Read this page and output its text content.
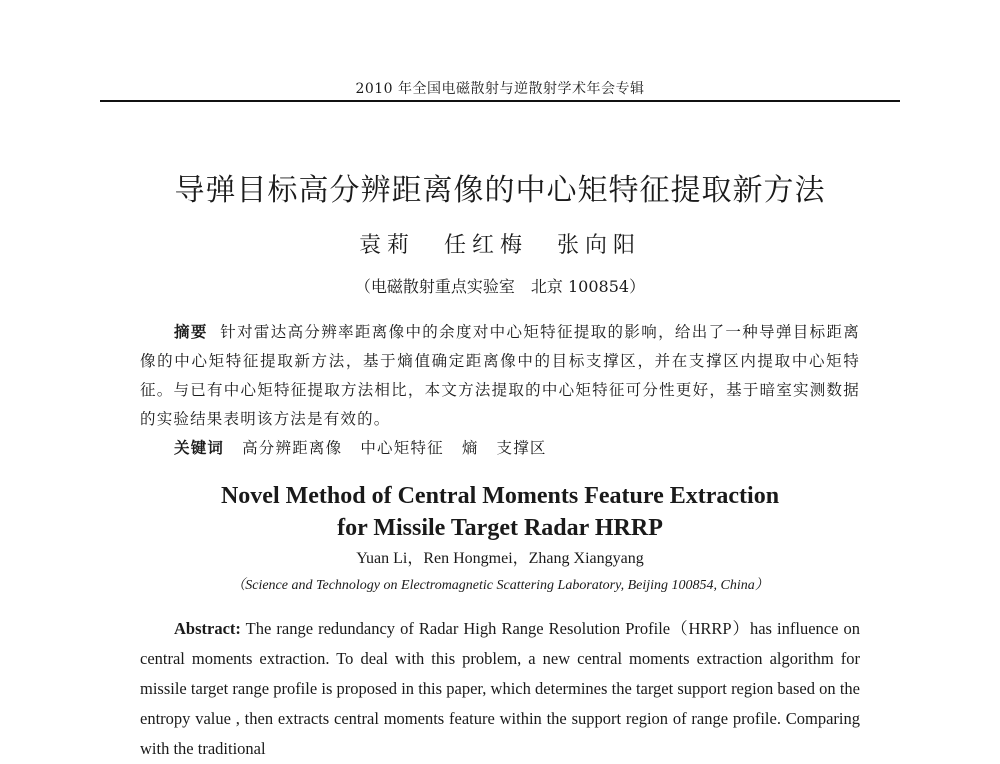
2010 年全国电磁散射与逆散射学术年会专辑
导弹目标高分辨距离像的中心矩特征提取新方法
袁莉 任红梅 张向阳
（电磁散射重点实验室　北京 100854）

摘要 针对雷达高分辨率距离像中的余度对中心矩特征提取的影响，给出了一种导弹目标距离像的中心矩特征提取新方法，基于熵值确定距离像中的目标支撑区，并在支撑区内提取中心矩特征。与已有中心矩特征提取方法相比，本文方法提取的中心矩特征可分性更好，基于暗室实测数据的实验结果表明该方法是有效的。

关键词 高分辨距离像 中心矩特征 熵 支撑区

Novel Method of Central Moments Feature Extraction
for Missile Target Radar HRRP
Yuan Li，Ren Hongmei，Zhang Xiangyang
（Science and Technology on Electromagnetic Scattering Laboratory, Beijing 100854, China）

Abstract: The range redundancy of Radar High Range Resolution Profile（HRRP）has influence on central moments extraction. To deal with this problem, a new central moments extraction algorithm for missile target range profile is proposed in this paper, which determines the target support region based on the entropy value , then extracts central moments feature within the support region of range profile. Comparing with the traditional
